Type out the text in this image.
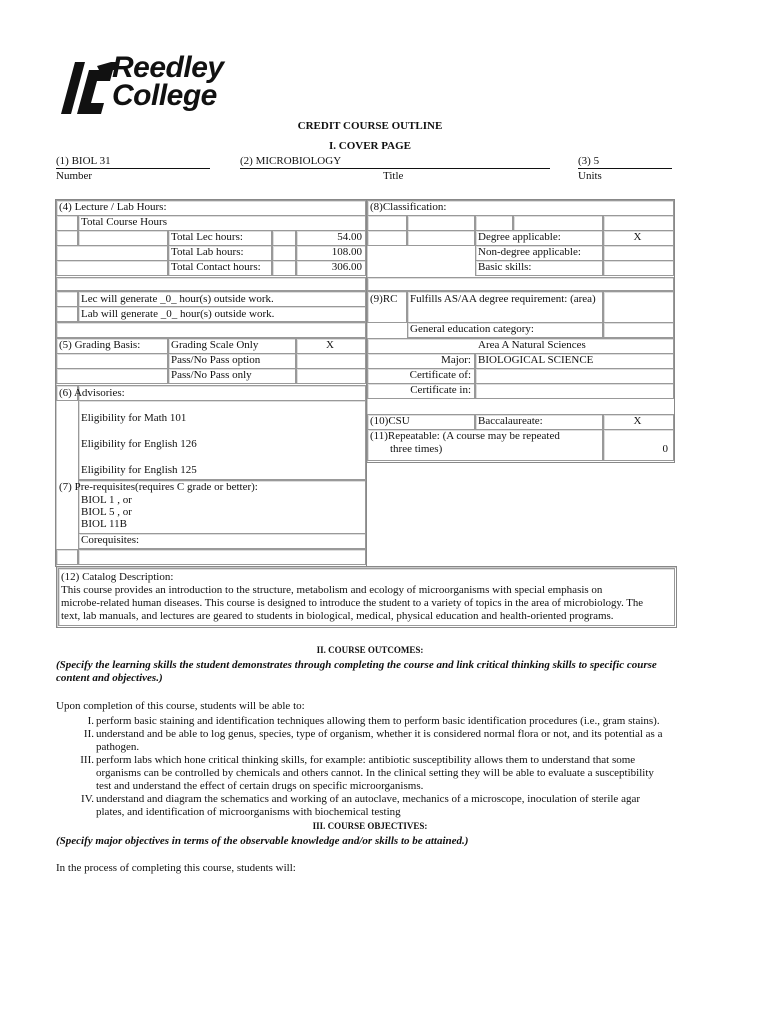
Reedley
College
CREDIT COURSE OUTLINE
I. COVER PAGE
(1) BIOL 31
Number
(2) MICROBIOLOGY
Title
(3) 5
Units
(4) Lecture / Lab Hours:
Total Course Hours
Total Lec hours:	54.00
Total Lab hours:	108.00
Total Contact hours:	306.00
Lec will generate _0_ hour(s) outside work.
Lab will generate _0_ hour(s) outside work.
(5) Grading Basis:	Grading Scale Only	X
Pass/No Pass option
Pass/No Pass only
(6) Advisories:
Eligibility for Math 101
Eligibility for English 126
Eligibility for English 125
(7) Pre-requisites(requires C grade or better):
BIOL 1 , or
BIOL 5 , or
BIOL 11B
Corequisites:
(8)Classification:
Degree applicable:	X
Non-degree applicable:
Basic skills:
(9)RC Fulfills AS/AA degree requirement: (area)
General education category:
Area A Natural Sciences
Major: BIOLOGICAL SCIENCE
Certificate of:
Certificate in:
(10)CSU	Baccalaureate:	X
(11)Repeatable: (A course may be repeated
three times)	0
(12) Catalog Description:
This course provides an introduction to the structure, metabolism and ecology of microorganisms with special emphasis on
microbe-related human diseases. This course is designed to introduce the student to a variety of topics in the area of microbiology. The
text, lab manuals, and lectures are geared to students in biological, medical, physical education and health-oriented programs.
II. COURSE OUTCOMES:
(Specify the learning skills the student demonstrates through completing the course and link critical thinking skills to specific course
content and objectives.)
Upon completion of this course, students will be able to:
I. perform basic staining and identification techniques allowing them to perform basic identification procedures (i.e., gram stains).
II. understand and be able to log genus, species, type of organism, whether it is considered normal flora or not, and its potential as a
pathogen.
III. perform labs which hone critical thinking skills, for example: antibiotic susceptibility allows them to understand that some
organisms can be controlled by chemicals and others cannot. In the clinical setting they will be able to evaluate a susceptibility
test and understand the effect of certain drugs on specific microorganisms.
IV. understand and diagram the schematics and working of an autoclave, mechanics of a microscope, inoculation of sterile agar
plates, and identification of microorganisms with biochemical testing
III. COURSE OBJECTIVES:
(Specify major objectives in terms of the observable knowledge and/or skills to be attained.)
In the process of completing this course, students will:
